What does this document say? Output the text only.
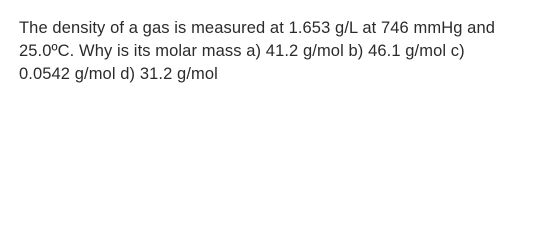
The density of a gas is measured at 1.653 g/L at 746 mmHg and
25.0ºC. Why is its molar mass a) 41.2 g/mol b) 46.1 g/mol c)
0.0542 g/mol d) 31.2 g/mol
